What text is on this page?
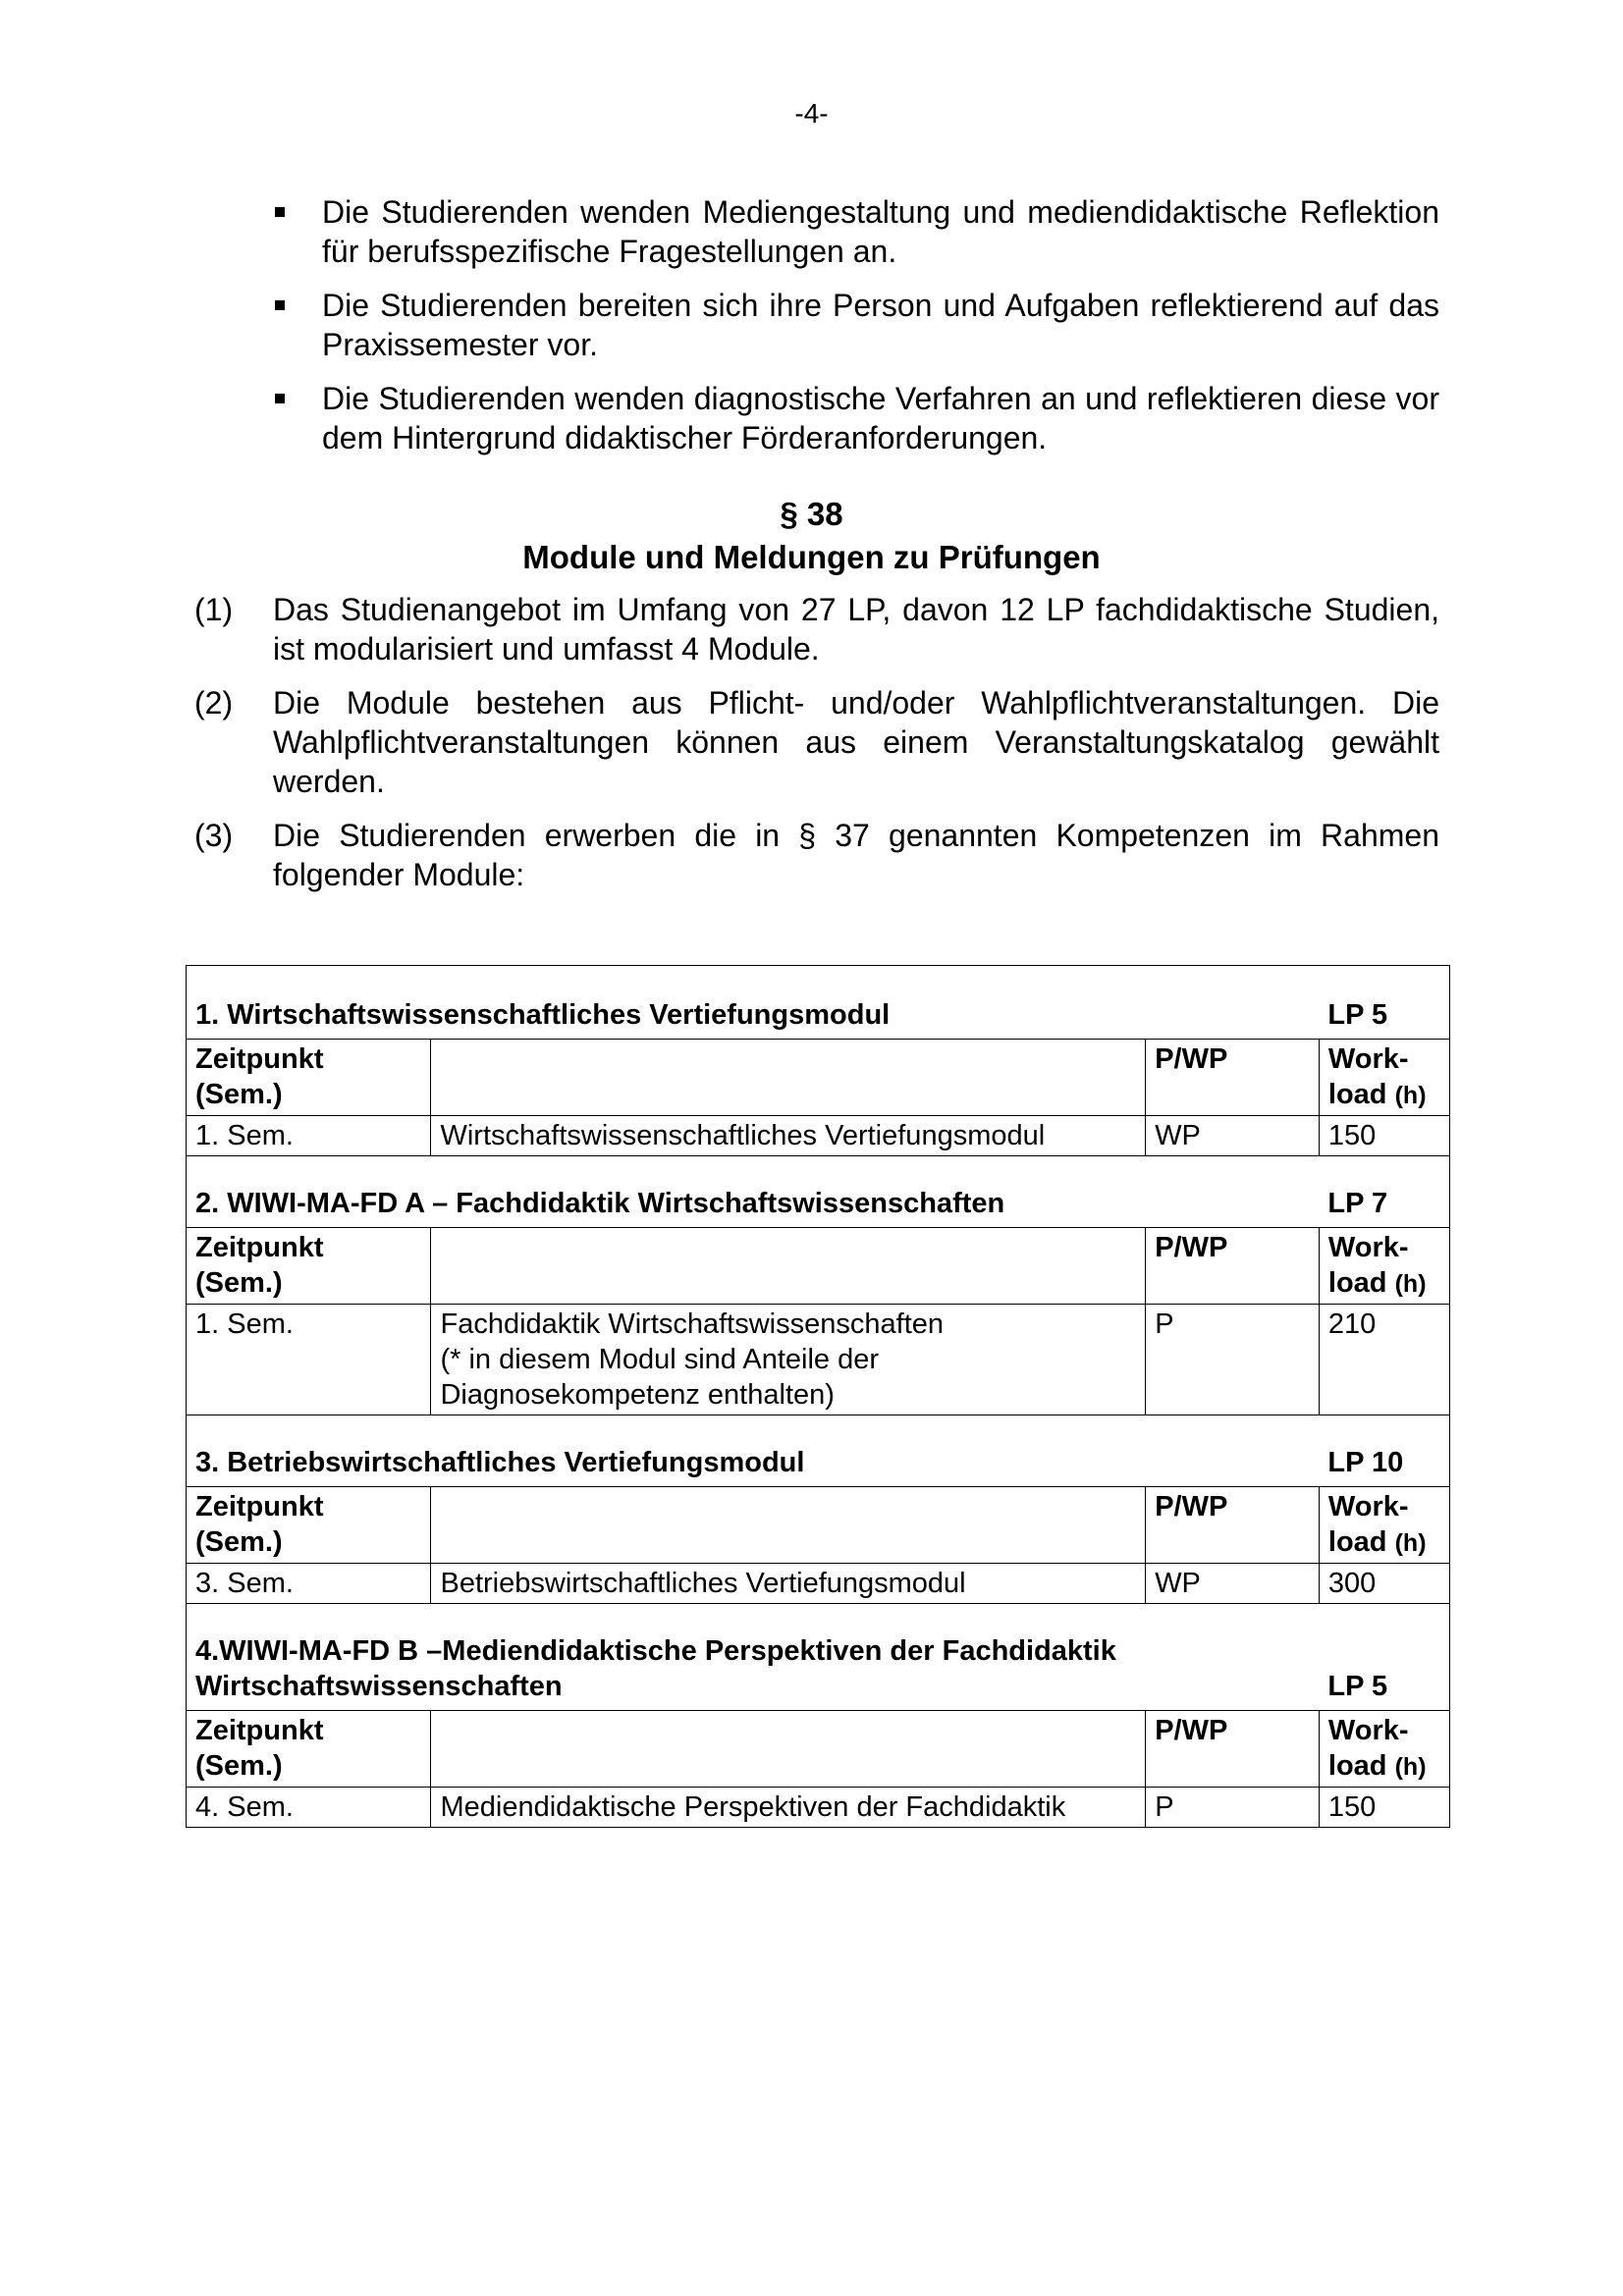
-4-
Die Studierenden wenden Mediengestaltung und mediendidaktische Reflektion für berufsspezifische Fragestellungen an.
Die Studierenden bereiten sich ihre Person und Aufgaben reflektierend auf das Praxissemester vor.
Die Studierenden wenden diagnostische Verfahren an und reflektieren diese vor dem Hintergrund didaktischer Förderanforderungen.
§ 38
Module und Meldungen zu Prüfungen
(1) Das Studienangebot im Umfang von 27 LP, davon 12 LP fachdidaktische Studien, ist modularisiert und umfasst 4 Module.
(2) Die Module bestehen aus Pflicht- und/oder Wahlpflichtveranstaltungen. Die Wahlpflichtveranstaltungen können aus einem Veranstaltungskatalog gewählt werden.
(3) Die Studierenden erwerben die in § 37 genannten Kompetenzen im Rahmen folgender Module:
1. Wirtschaftswissenschaftliches Vertiefungsmodul			LP 5
Zeitpunkt
(Sem.)		P/WP	Work-
load (h)
1. Sem.	Wirtschaftswissenschaftliches Vertiefungsmodul	WP	150
2. WIWI-MA-FD A – Fachdidaktik Wirtschaftswissenschaften			LP 7
Zeitpunkt
(Sem.)		P/WP	Work-
load (h)
1. Sem.	Fachdidaktik Wirtschaftswissenschaften
(* in diesem Modul sind Anteile der
Diagnosekompetenz enthalten)	P	210
3. Betriebswirtschaftliches Vertiefungsmodul			LP 10
Zeitpunkt
(Sem.)		P/WP	Work-
load (h)
3. Sem.	Betriebswirtschaftliches Vertiefungsmodul	WP	300
4.WIWI-MA-FD B –Mediendidaktische Perspektiven der Fachdidaktik
Wirtschaftswissenschaften			LP 5
Zeitpunkt
(Sem.)		P/WP	Work-
load (h)
4. Sem.	Mediendidaktische Perspektiven der Fachdidaktik	P	150
